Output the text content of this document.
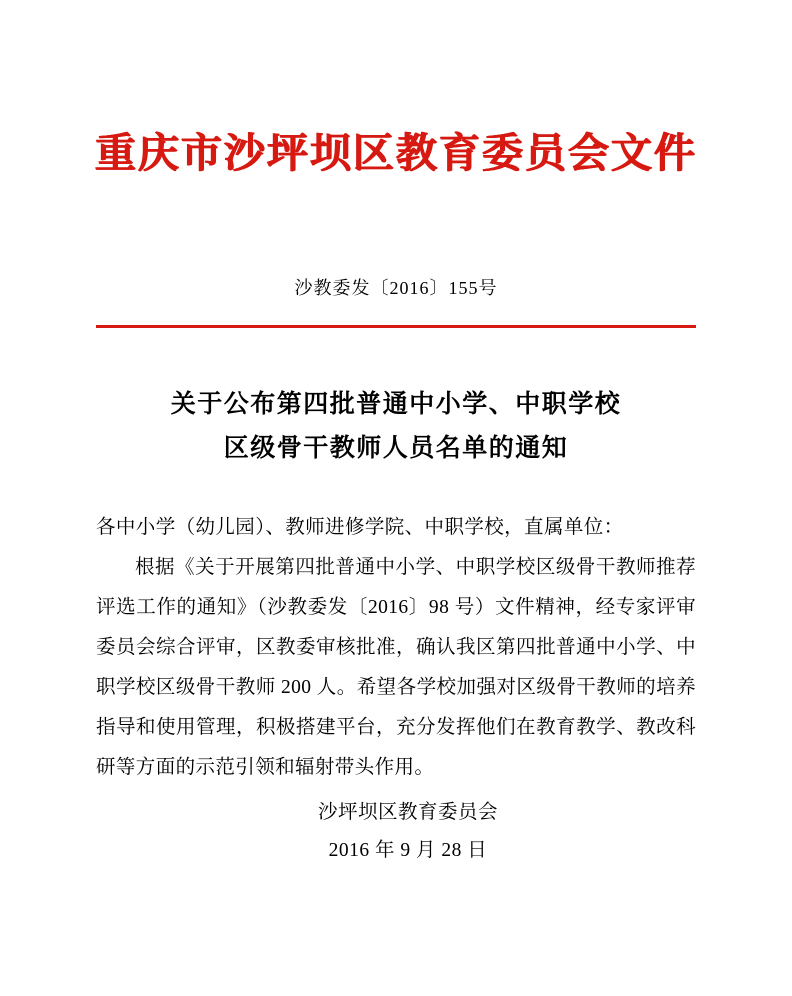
重庆市沙坪坝区教育委员会文件
沙教委发〔2016〕155号
关于公布第四批普通中小学、中职学校
区级骨干教师人员名单的通知

各中小学（幼儿园）、教师进修学院、中职学校，直属单位：

根据《关于开展第四批普通中小学、中职学校区级骨干教师推荐评选工作的通知》（沙教委发〔2016〕98 号）文件精神，经专家评审委员会综合评审，区教委审核批准，确认我区第四批普通中小学、中职学校区级骨干教师 200 人。希望各学校加强对区级骨干教师的培养指导和使用管理，积极搭建平台，充分发挥他们在教育教学、教改科研等方面的示范引领和辐射带头作用。

沙坪坝区教育委员会
2016 年 9 月 28 日
